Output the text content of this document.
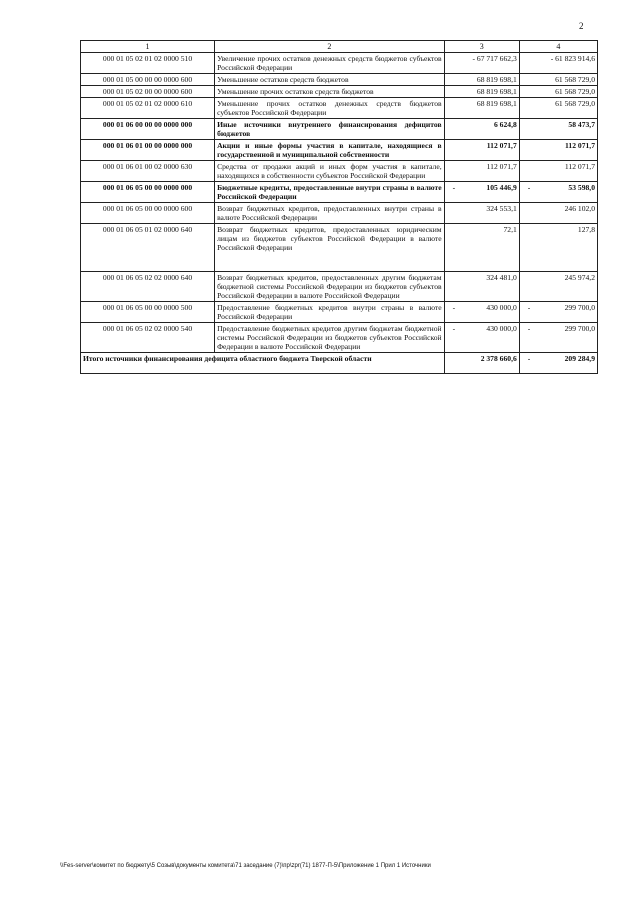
2
1	2	3	4
000 01 05 02 01 02 0000 510	Увеличение прочих остатков денежных средств бюджетов субъектов Российской Федерации	- 67 717 662,3	- 61 823 914,6
000 01 05 00 00 00 0000 600	Уменьшение остатков средств бюджетов	68 819 698,1	61 568 729,0
000 01 05 02 00 00 0000 600	Уменьшение прочих остатков средств бюджетов	68 819 698,1	61 568 729,0
000 01 05 02 01 02 0000 610	Уменьшение прочих остатков денежных средств бюджетов субъектов Российской Федерации	68 819 698,1	61 568 729,0
000 01 06 00 00 00 0000 000	Иные источники внутреннего финансирования дефицитов бюджетов	6 624,8	58 473,7
000 01 06 01 00 00 0000 000	Акции и иные формы участия в капитале, находящиеся в государственной и муниципальной собственности	112 071,7	112 071,7
000 01 06 01 00 02 0000 630	Средства от продажи акций и иных форм участия в капитале, находящихся в собственности субъектов Российской Федерации	112 071,7	112 071,7
000 01 06 05 00 00 0000 000	Бюджетные кредиты, предоставленные внутри страны в валюте Российской Федерации	- 105 446,9	- 53 598,0
000 01 06 05 00 00 0000 600	Возврат бюджетных кредитов, предоставленных внутри страны в валюте Российской Федерации	324 553,1	246 102,0
000 01 06 05 01 02 0000 640	Возврат бюджетных кредитов, предоставленных юридическим лицам из бюджетов субъектов Российской Федерации в валюте Российской Федерации	72,1	127,8
000 01 06 05 02 02 0000 640	Возврат бюджетных кредитов, предоставленных другим бюджетам бюджетной системы Российской Федерации из бюджетов субъектов Российской Федерации в валюте Российской Федерации	324 481,0	245 974,2
000 01 06 05 00 00 0000 500	Предоставление бюджетных кредитов внутри страны в валюте Российской Федерации	- 430 000,0	- 299 700,0
000 01 06 05 02 02 0000 540	Предоставление бюджетных кредитов другим бюджетам бюджетной системы Российской Федерации из бюджетов субъектов Российской Федерации в валюте Российской Федерации	- 430 000,0	- 299 700,0
Итого источники финансирования дефицита областного бюджета Тверской области		2 378 660,6	- 209 284,9
\\Fes-server\комитет по бюджету\5 Созыв\документы комитета\71 заседание (7)\пр\zpr(71) 1877-П-5\Приложение 1 Прил 1 Источники
